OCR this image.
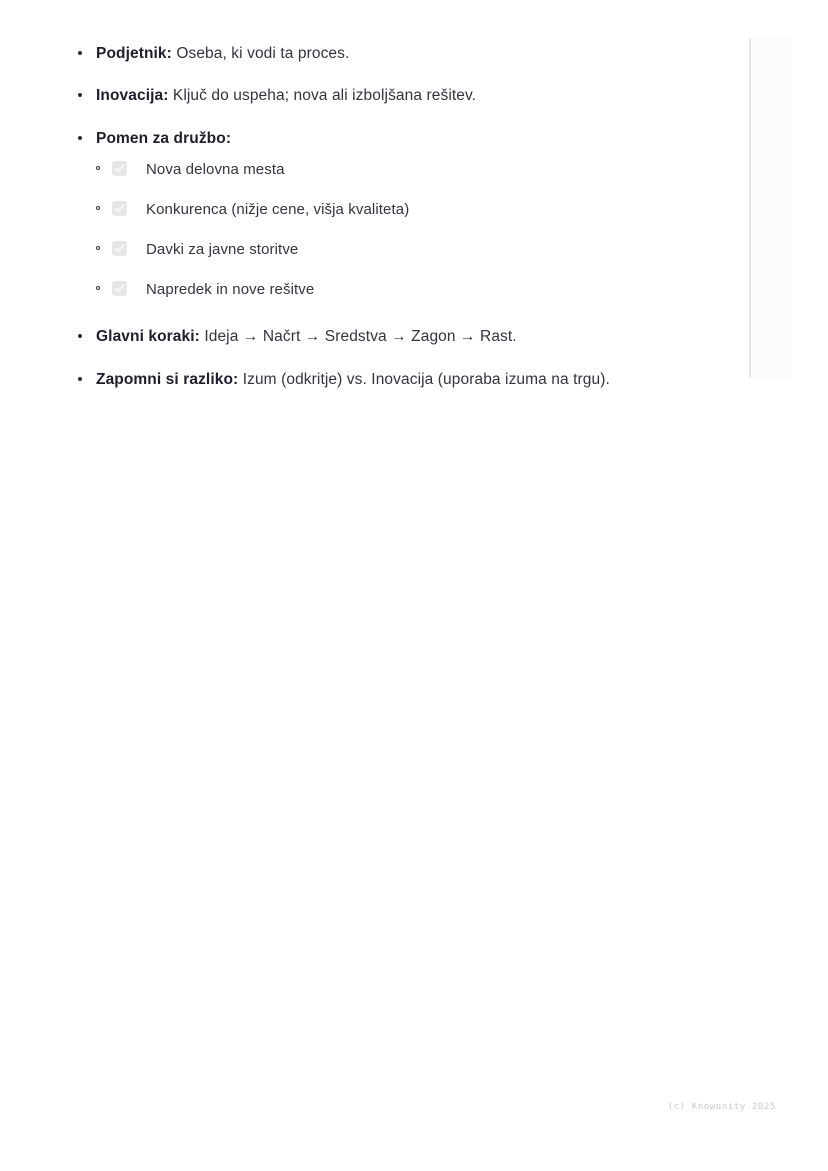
Podjetnik: Oseba, ki vodi ta proces.
Inovacija: Ključ do uspeha; nova ali izboljšana rešitev.
Pomen za družbo:
Nova delovna mesta
Konkurenca (nižje cene, višja kvaliteta)
Davki za javne storitve
Napredek in nove rešitve
Glavni koraki: Ideja → Načrt → Sredstva → Zagon → Rast.
Zapomni si razliko: Izum (odkritje) vs. Inovacija (uporaba izuma na trgu).
(c) Knowunity 2025
